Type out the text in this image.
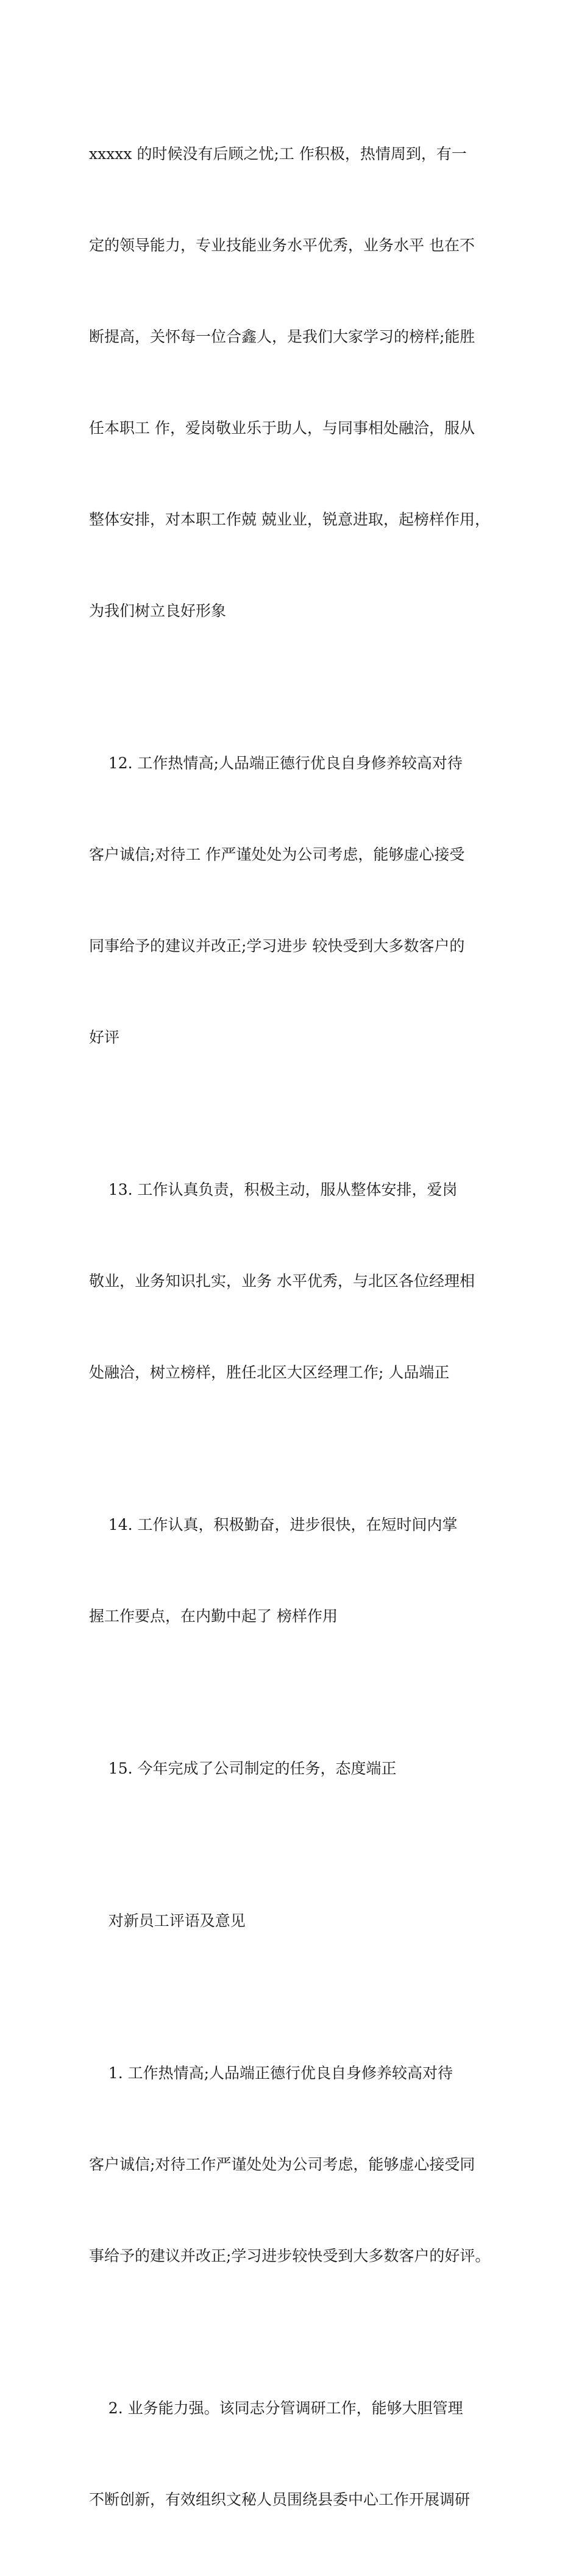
xxxxx 的时候没有后顾之忧;工 作积极，热情周到，有一

定的领导能力，专业技能业务水平优秀，业务水平 也在不

断提高，关怀每一位合鑫人，是我们大家学习的榜样;能胜

任本职工 作，爱岗敬业乐于助人，与同事相处融洽，服从

整体安排，对本职工作兢 兢业业，锐意进取，起榜样作用，

为我们树立良好形象

12. 工作热情高;人品端正德行优良自身修养较高对待

客户诚信;对待工 作严谨处处为公司考虑，能够虚心接受

同事给予的建议并改正;学习进步 较快受到大多数客户的

好评

13. 工作认真负责，积极主动，服从整体安排，爱岗

敬业，业务知识扎实，业务 水平优秀，与北区各位经理相

处融洽，树立榜样，胜任北区大区经理工作; 人品端正

14. 工作认真，积极勤奋，进步很快，在短时间内掌

握工作要点，在内勤中起了 榜样作用

15. 今年完成了公司制定的任务，态度端正

对新员工评语及意见

1. 工作热情高;人品端正德行优良自身修养较高对待

客户诚信;对待工作严谨处处为公司考虑，能够虚心接受同

事给予的建议并改正;学习进步较快受到大多数客户的好评。

2. 业务能力强。该同志分管调研工作，能够大胆管理

不断创新，有效组织文秘人员围绕县委中心工作开展调研
